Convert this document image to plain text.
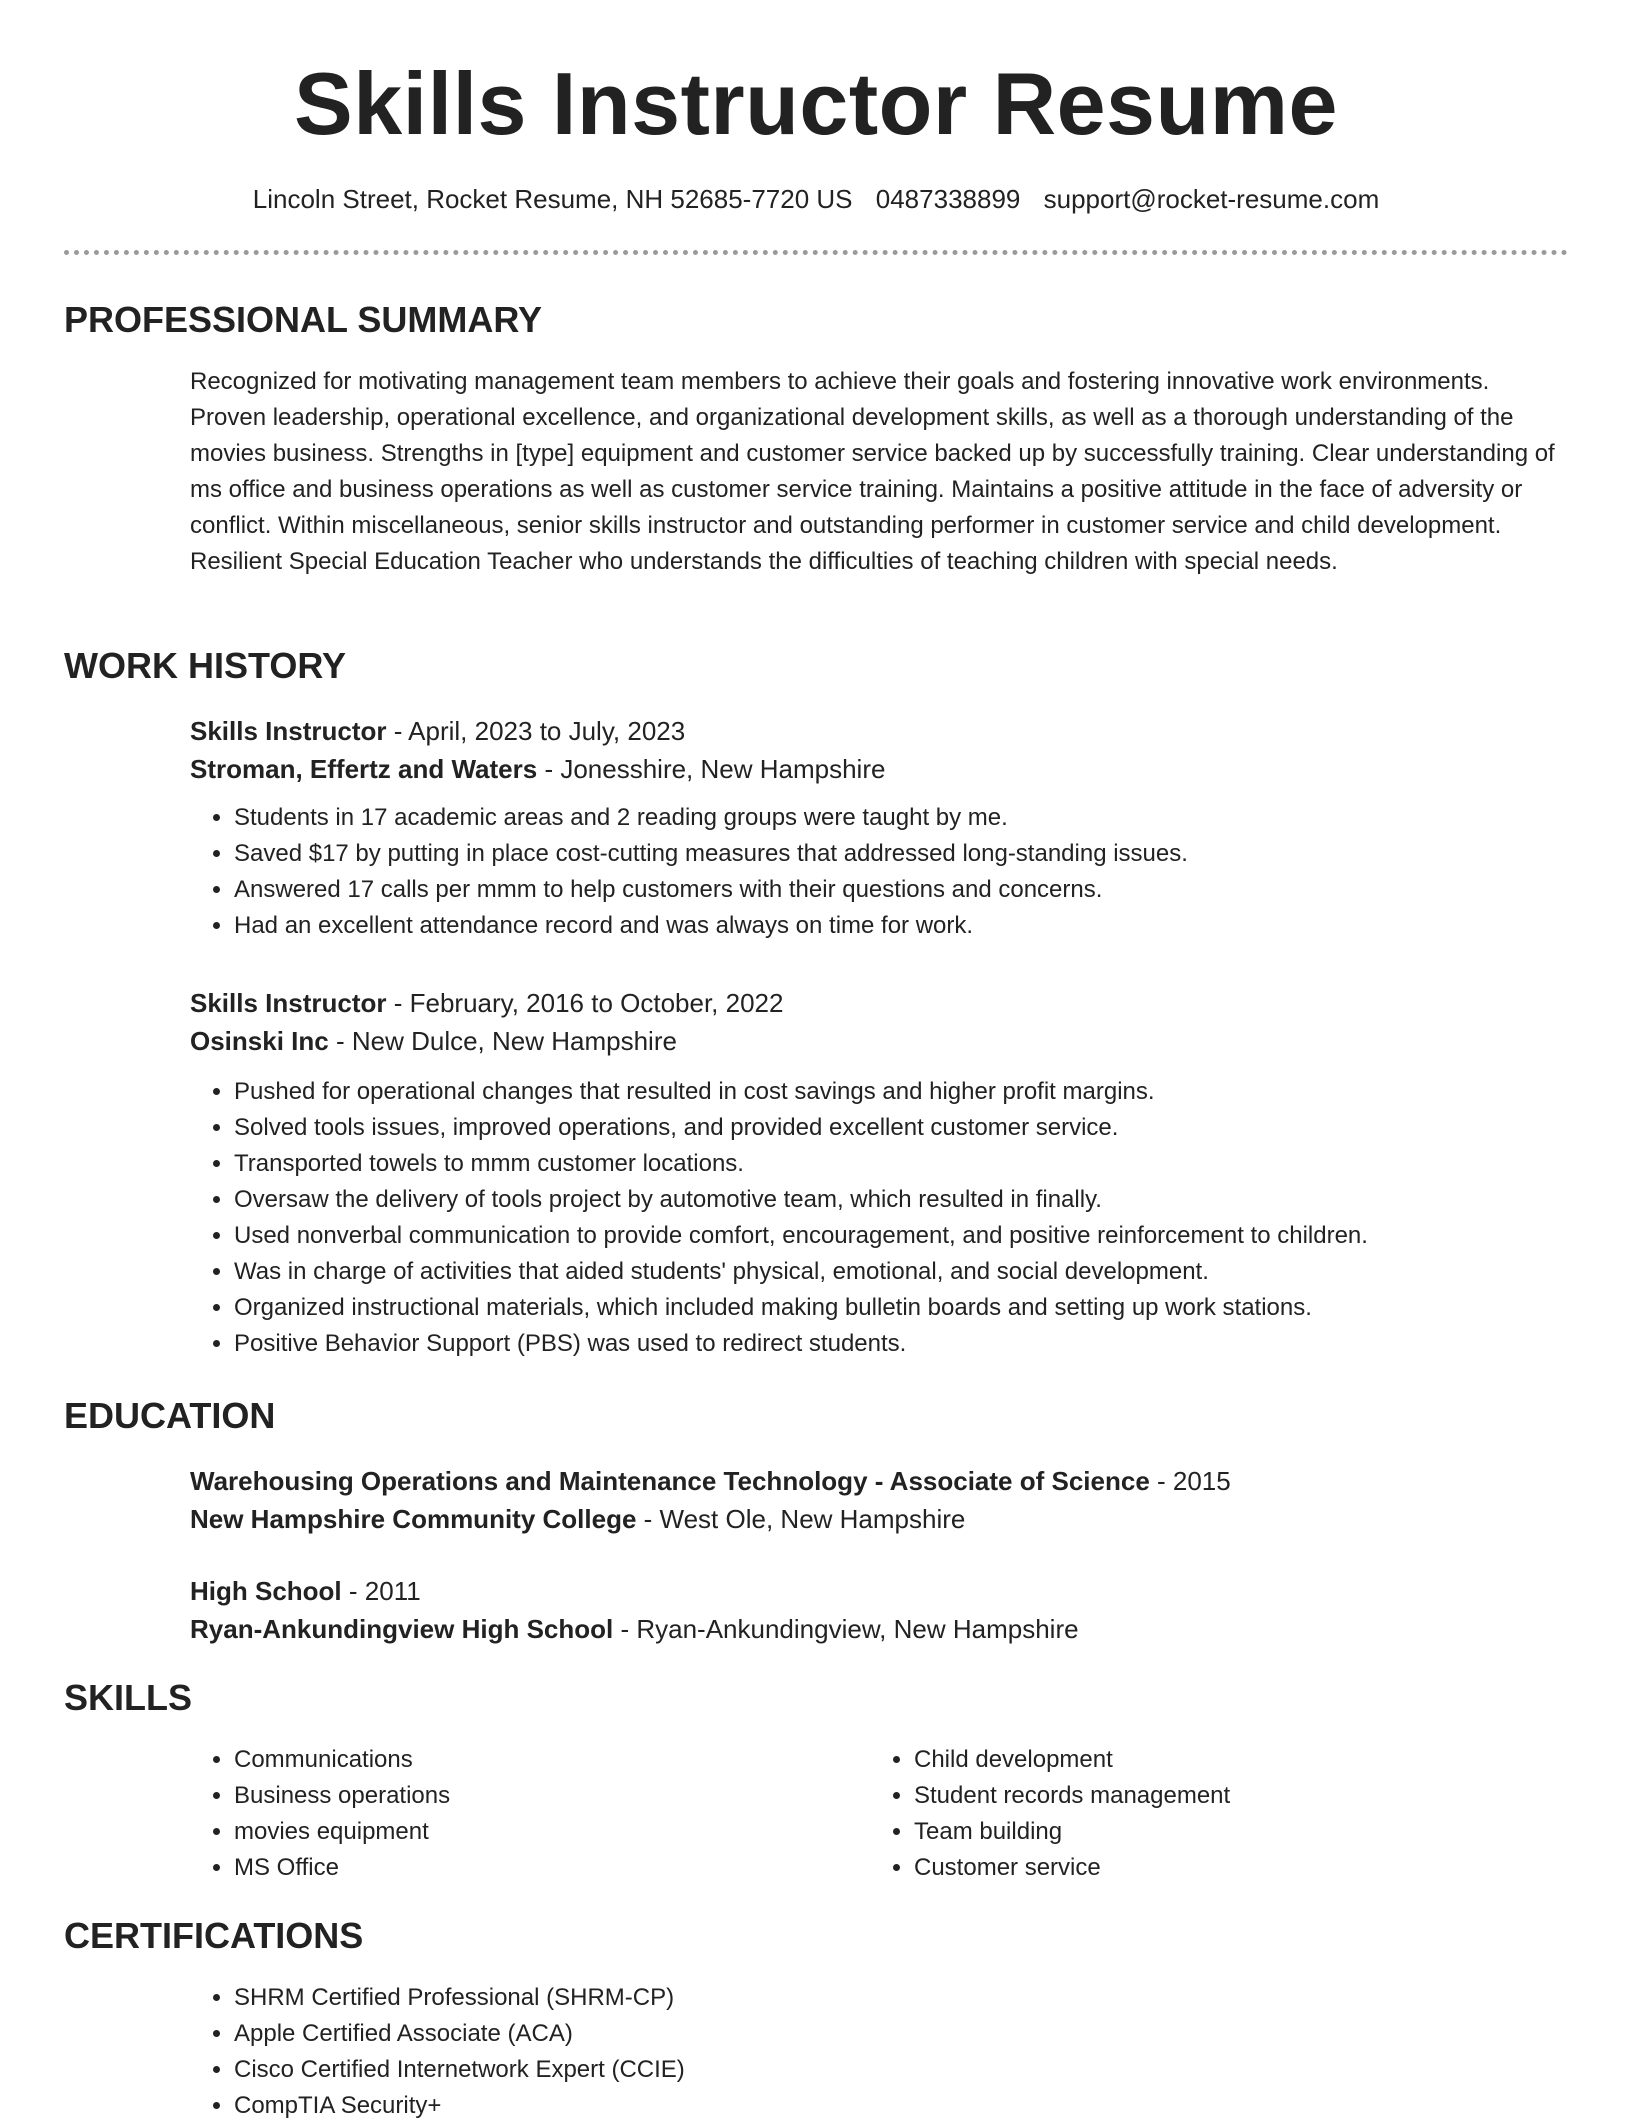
Skills Instructor Resume
Lincoln Street, Rocket Resume, NH 52685-7720 US 0487338899 support@rocket-resume.com
PROFESSIONAL SUMMARY

Recognized for motivating management team members to achieve their goals and fostering innovative work environments. Proven leadership, operational excellence, and organizational development skills, as well as a thorough understanding of the movies business. Strengths in [type] equipment and customer service backed up by successfully training. Clear understanding of ms office and business operations as well as customer service training. Maintains a positive attitude in the face of adversity or conflict. Within miscellaneous, senior skills instructor and outstanding performer in customer service and child development. Resilient Special Education Teacher who understands the difficulties of teaching children with special needs.

WORK HISTORY

Skills Instructor - April, 2023 to July, 2023

Stroman, Effertz and Waters - Jonesshire, New Hampshire

• Students in 17 academic areas and 2 reading groups were taught by me.
• Saved $17 by putting in place cost-cutting measures that addressed long-standing issues.
• Answered 17 calls per mmm to help customers with their questions and concerns.
• Had an excellent attendance record and was always on time for work.

Skills Instructor - February, 2016 to October, 2022

Osinski Inc - New Dulce, New Hampshire

• Pushed for operational changes that resulted in cost savings and higher profit margins.
• Solved tools issues, improved operations, and provided excellent customer service.
• Transported towels to mmm customer locations.
• Oversaw the delivery of tools project by automotive team, which resulted in finally.
• Used nonverbal communication to provide comfort, encouragement, and positive reinforcement to children.
• Was in charge of activities that aided students' physical, emotional, and social development.
• Organized instructional materials, which included making bulletin boards and setting up work stations.
• Positive Behavior Support (PBS) was used to redirect students.
EDUCATION

Warehousing Operations and Maintenance Technology - Associate of Science - 2015

New Hampshire Community College - West Ole, New Hampshire

High School - 2011

Ryan-Ankundingview High School - Ryan-Ankundingview, New Hampshire

SKILLS
• Communications
• Business operations
• movies equipment
• MS Office
• Child development
• Student records management
• Team building
• Customer service
CERTIFICATIONS
• SHRM Certified Professional (SHRM-CP)
• Apple Certified Associate (ACA)
• Cisco Certified Internetwork Expert (CCIE)
• CompTIA Security+
